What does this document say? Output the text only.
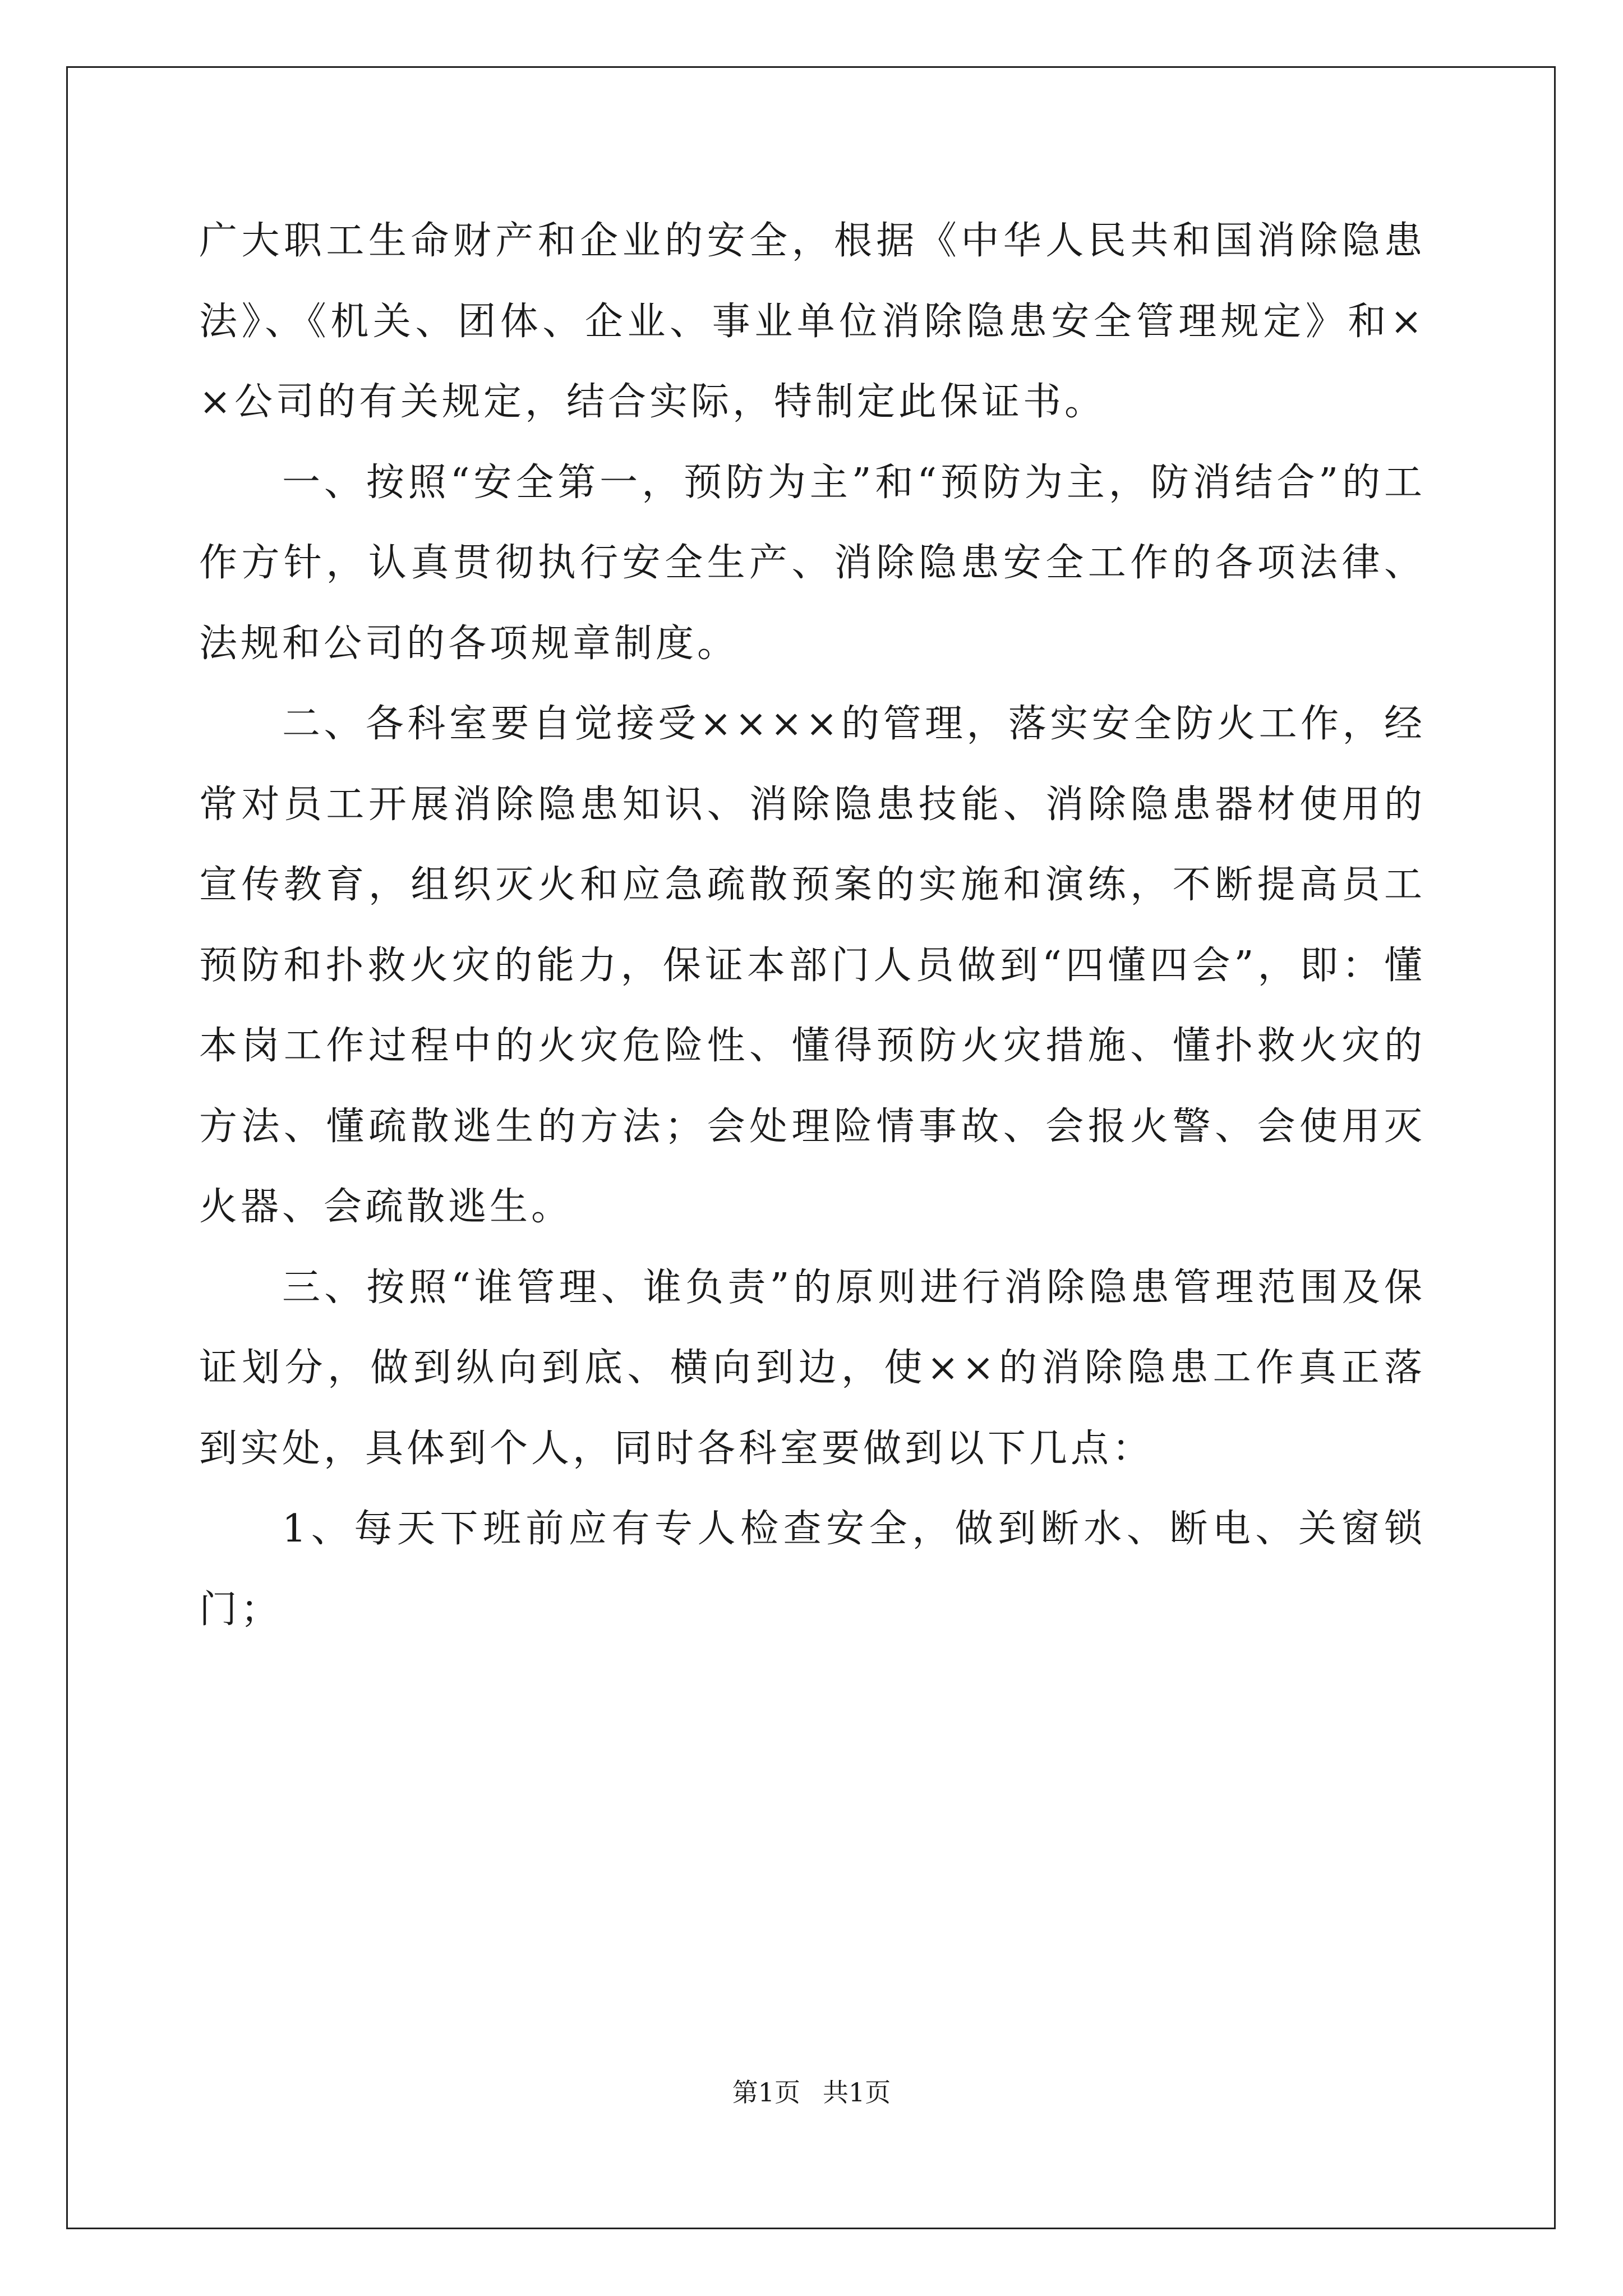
广大职工生命财产和企业的安全，根据《中华人民共和国消除隐患法》、《机关、团体、企业、事业单位消除隐患安全管理规定》和××公司的有关规定，结合实际，特制定此保证书。

一、按照“安全第一，预防为主”和“预防为主，防消结合”的工作方针，认真贯彻执行安全生产、消除隐患安全工作的各项法律、法规和公司的各项规章制度。

二、各科室要自觉接受××××的管理，落实安全防火工作，经常对员工开展消除隐患知识、消除隐患技能、消除隐患器材使用的宣传教育，组织灭火和应急疏散预案的实施和演练，不断提高员工预防和扑救火灾的能力，保证本部门人员做到“四懂四会”，即：懂本岗工作过程中的火灾危险性、懂得预防火灾措施、懂扑救火灾的方法、懂疏散逃生的方法；会处理险情事故、会报火警、会使用灭火器、会疏散逃生。

三、按照“谁管理、谁负责”的原则进行消除隐患管理范围及保证划分，做到纵向到底、横向到边，使××的消除隐患工作真正落到实处，具体到个人，同时各科室要做到以下几点：

1、每天下班前应有专人检查安全，做到断水、断电、关窗锁门；

第1页 共1页
